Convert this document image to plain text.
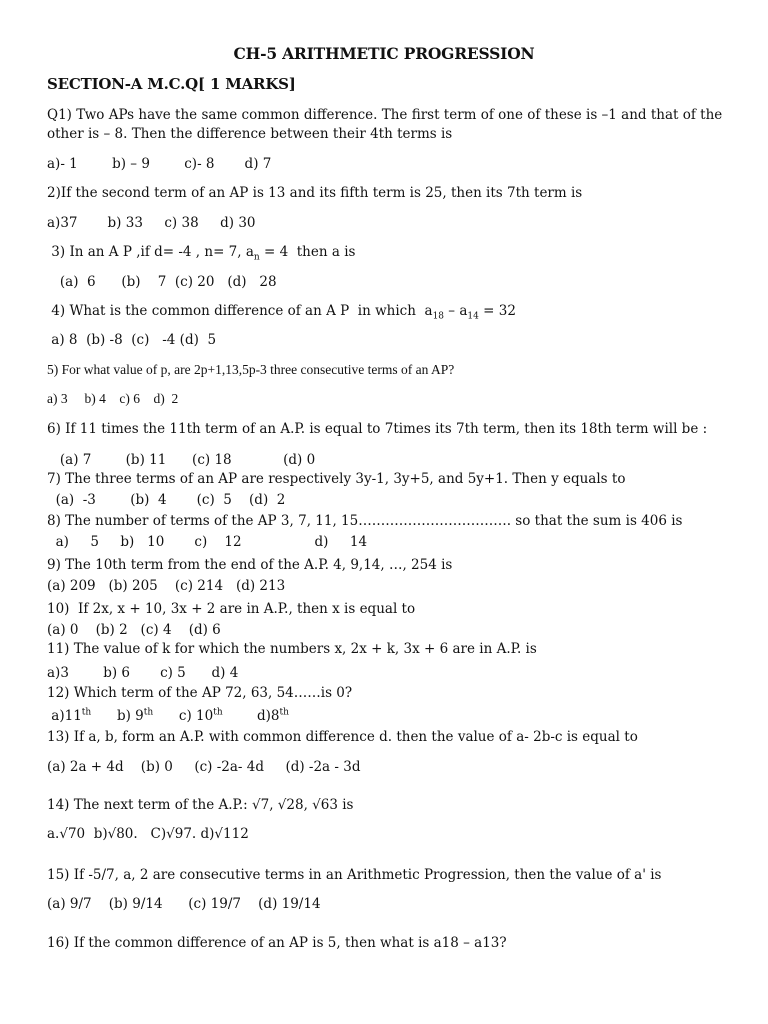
CH-5 ARITHMETIC PROGRESSION
SECTION-A M.C.Q[ 1 MARKS]
Q1) Two APs have the same common difference. The first term of one of these is –1 and that of the
other is – 8. Then the difference between their 4th terms is
a)- 1        b) – 9        c)- 8       d) 7
2)If the second term of an AP is 13 and its fifth term is 25, then its 7th term is
a)37       b) 33     c) 38     d) 30
3) In an A P ,if d= -4 , n= 7, $a_n = 4$  then a is
(a)  6      (b)    7  (c) 20   (d)   28
4) What is the common difference of an A P  in which  $a_{18} - a_{14} = 32$
a) 8  (b) -8  (c)   -4 (d)  5
5) For what value of p, are 2p+1,13,5p-3 three consecutive terms of an AP?
a) 3     b) 4    c) 6    d)  2
6) If 11 times the 11th term of an A.P. is equal to 7times its 7th term, then its 18th term will be :
(a) 7        (b) 11      (c) 18            (d) 0
7) The three terms of an AP are respectively 3y-1, 3y+5, and 5y+1. Then y equals to
(a)  -3        (b)  4       (c)  5    (d)  2
8) The number of terms of the AP 3, 7, 11, 15……………………………. so that the sum is 406 is
a)     5     b)   10       c)    12                 d)     14
9) The 10th term from the end of the A.P. 4, 9,14, …, 254 is
(a) 209   (b) 205    (c) 214   (d) 213
10)  If 2x, x + 10, 3x + 2 are in A.P., then x is equal to
(a) 0    (b) 2   (c) 4    (d) 6
11) The value of k for which the numbers x, 2x + k, 3x + 6 are in A.P. is
a)3        b) 6       c) 5      d) 4
12) Which term of the AP 72, 63, 54……is 0?
a)11th      b) 9th      c) 10th        d)8th
13) If a, b, form an A.P. with common difference d. then the value of a- 2b-c is equal to
(a) 2a + 4d    (b) 0     (c) -2a- 4d     (d) -2a - 3d
14) The next term of the A.P.: √7, √28, √63 is
a.√70  b)√80.   C)√97. d)√112
15) If -5/7, a, 2 are consecutive terms in an Arithmetic Progression, then the value of a' is
(a) 9/7    (b) 9/14      (c) 19/7    (d) 19/14
16) If the common difference of an AP is 5, then what is a18 – a13?
